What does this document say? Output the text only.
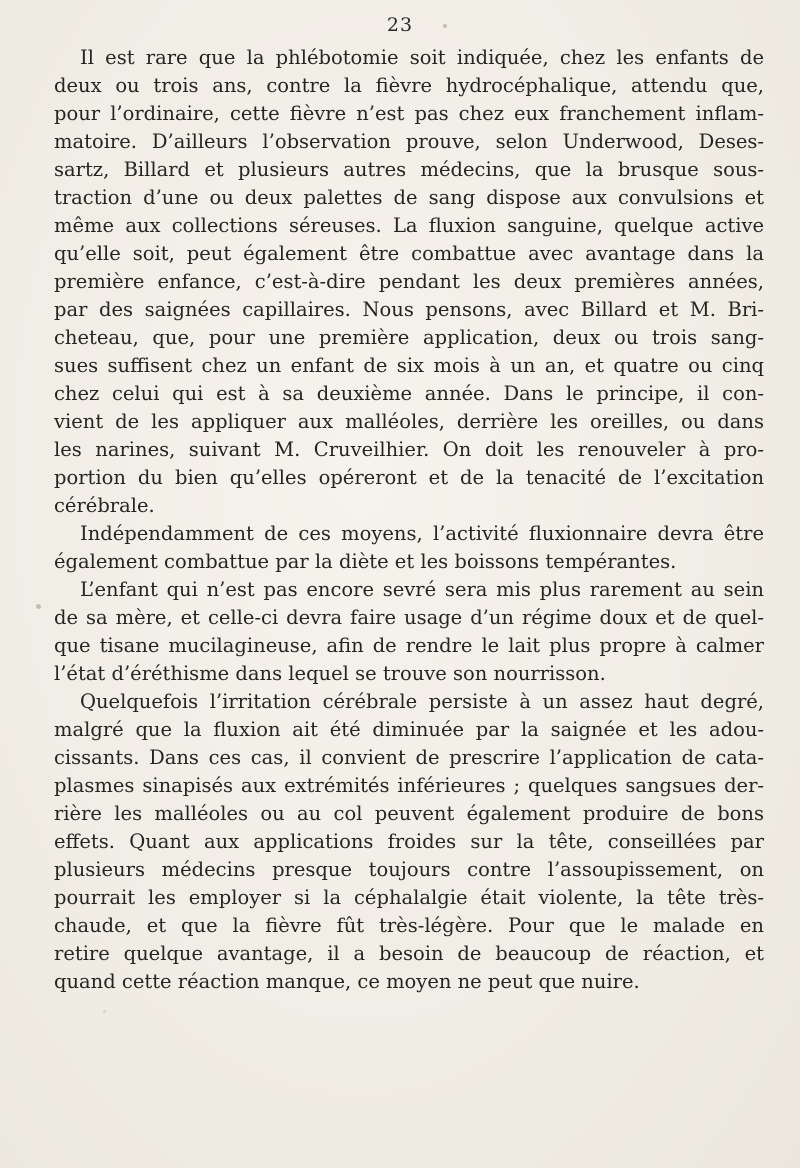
23
Il est rare que la phlébotomie soit indiquée, chez les enfants de
deux ou trois ans, contre la fièvre hydrocéphalique, attendu que,
pour l’ordinaire, cette fièvre n’est pas chez eux franchement inflam-
matoire. D’ailleurs l’observation prouve, selon Underwood, Deses-
sartz, Billard et plusieurs autres médecins, que la brusque sous-
traction d’une ou deux palettes de sang dispose aux convulsions et
même aux collections séreuses. La fluxion sanguine, quelque active
qu’elle soit, peut également être combattue avec avantage dans la
première enfance, c’est-à-dire pendant les deux premières années,
par des saignées capillaires. Nous pensons, avec Billard et M. Bri-
cheteau, que, pour une première application, deux ou trois sang-
sues suffisent chez un enfant de six mois à un an, et quatre ou cinq
chez celui qui est à sa deuxième année. Dans le principe, il con-
vient de les appliquer aux malléoles, derrière les oreilles, ou dans
les narines, suivant M. Cruveilhier. On doit les renouveler à pro-
portion du bien qu’elles opéreront et de la tenacité de l’excitation
cérébrale.
Indépendamment de ces moyens, l’activité fluxionnaire devra être
également combattue par la diète et les boissons tempérantes.
L’enfant qui n’est pas encore sevré sera mis plus rarement au sein
de sa mère, et celle-ci devra faire usage d’un régime doux et de quel-
que tisane mucilagineuse, afin de rendre le lait plus propre à calmer
l’état d’éréthisme dans lequel se trouve son nourrisson.
Quelquefois l’irritation cérébrale persiste à un assez haut degré,
malgré que la fluxion ait été diminuée par la saignée et les adou-
cissants. Dans ces cas, il convient de prescrire l’application de cata-
plasmes sinapisés aux extrémités inférieures ; quelques sangsues der-
rière les malléoles ou au col peuvent également produire de bons
effets. Quant aux applications froides sur la tête, conseillées par
plusieurs médecins presque toujours contre l’assoupissement, on
pourrait les employer si la céphalalgie était violente, la tête très-
chaude, et que la fièvre fût très-légère. Pour que le malade en
retire quelque avantage, il a besoin de beaucoup de réaction, et
quand cette réaction manque, ce moyen ne peut que nuire.
